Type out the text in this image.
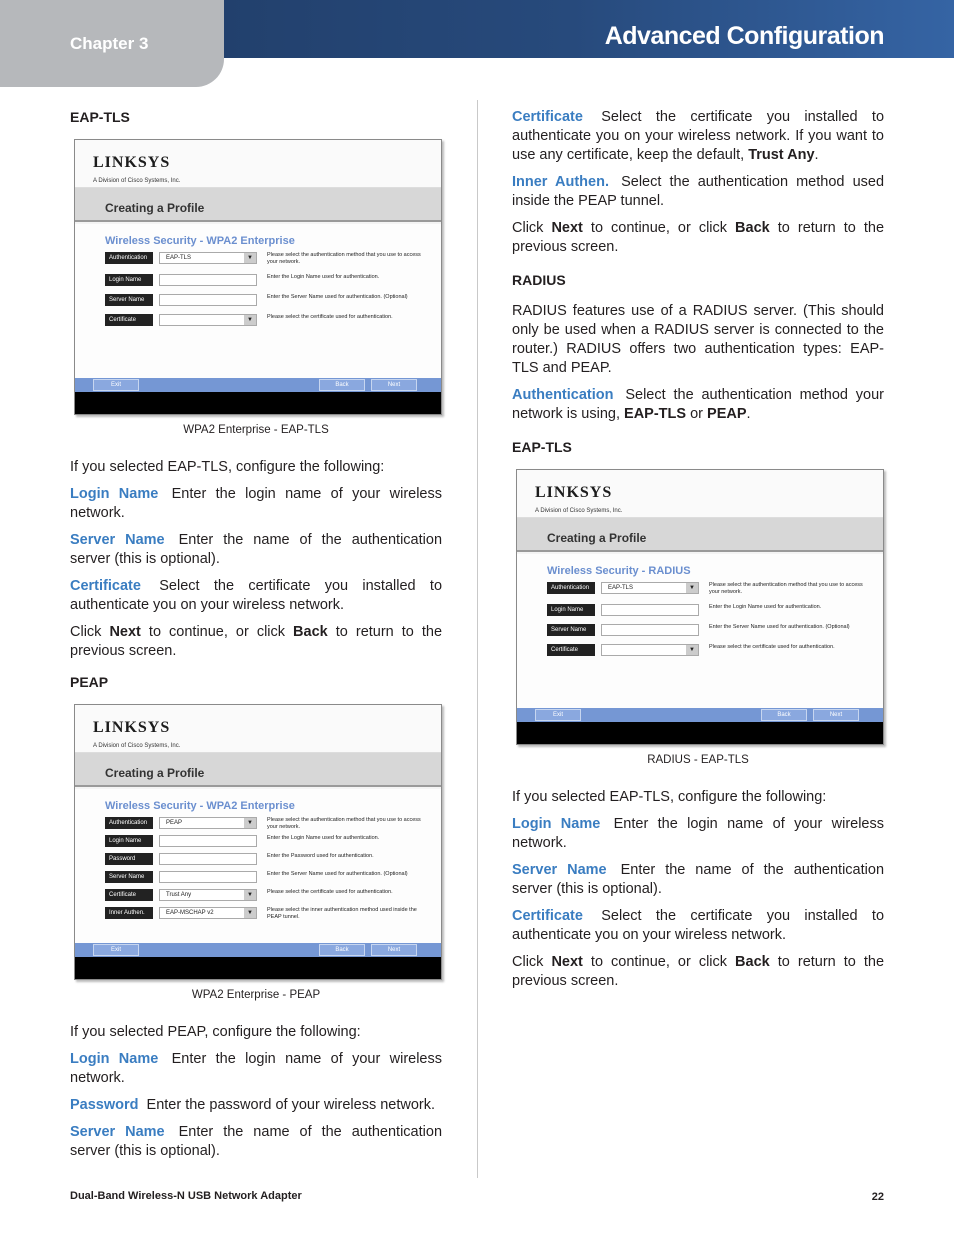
Chapter 3	Advanced Configuration
EAP-TLS
LINKSYS
A Division of Cisco Systems, Inc.
Creating a Profile
Wireless Security - WPA2 Enterprise
Authentication	EAP-TLS	▼	Please select the authentication method that you use to access your network.
Login Name	Enter the Login Name used for authentication.
Server Name	Enter the Server Name used for authentication. (Optional)
Certificate	▼	Please select the certificate used for authentication.
Exit	Back	Next
WPA2 Enterprise - EAP-TLS

If you selected EAP-TLS, configure the following:

Login Name Enter the login name of your wireless network.

Server Name Enter the name of the authentication server (this is optional).

Certificate Select the certificate you installed to authenticate you on your wireless network.

Click Next to continue, or click Back to return to the previous screen.

PEAP
LINKSYS
A Division of Cisco Systems, Inc.
Creating a Profile
Wireless Security - WPA2 Enterprise
Authentication	PEAP	▼	Please select the authentication method that you use to access your network.
Login Name	Enter the Login Name used for authentication.
Password	Enter the Password used for authentication.
Server Name	Enter the Server Name used for authentication. (Optional)
Certificate	Trust Any	▼	Please select the certificate used for authentication.
Inner Authen.	EAP-MSCHAP v2	▼	Please select the inner authentication method used inside the PEAP tunnel.
Exit	Back	Next
WPA2 Enterprise - PEAP

If you selected PEAP, configure the following:

Login Name Enter the login name of your wireless network.

Password Enter the password of your wireless network.

Server Name Enter the name of the authentication server (this is optional).

Certificate Select the certificate you installed to authenticate you on your wireless network. If you want to use any certificate, keep the default, Trust Any.

Inner Authen. Select the authentication method used inside the PEAP tunnel.

Click Next to continue, or click Back to return to the previous screen.

RADIUS

RADIUS features use of a RADIUS server. (This should only be used when a RADIUS server is connected to the router.) RADIUS offers two authentication types: EAP-TLS and PEAP.

Authentication Select the authentication method your network is using, EAP-TLS or PEAP.

EAP-TLS
LINKSYS
A Division of Cisco Systems, Inc.
Creating a Profile
Wireless Security - RADIUS
Authentication	EAP-TLS	▼	Please select the authentication method that you use to access your network.
Login Name	Enter the Login Name used for authentication.
Server Name	Enter the Server Name used for authentication. (Optional)
Certificate	▼	Please select the certificate used for authentication.
Exit	Back	Next
RADIUS - EAP-TLS

If you selected EAP-TLS, configure the following:

Login Name Enter the login name of your wireless network.

Server Name Enter the name of the authentication server (this is optional).

Certificate Select the certificate you installed to authenticate you on your wireless network.

Click Next to continue, or click Back to return to the previous screen.

Dual-Band Wireless-N USB Network Adapter	22
